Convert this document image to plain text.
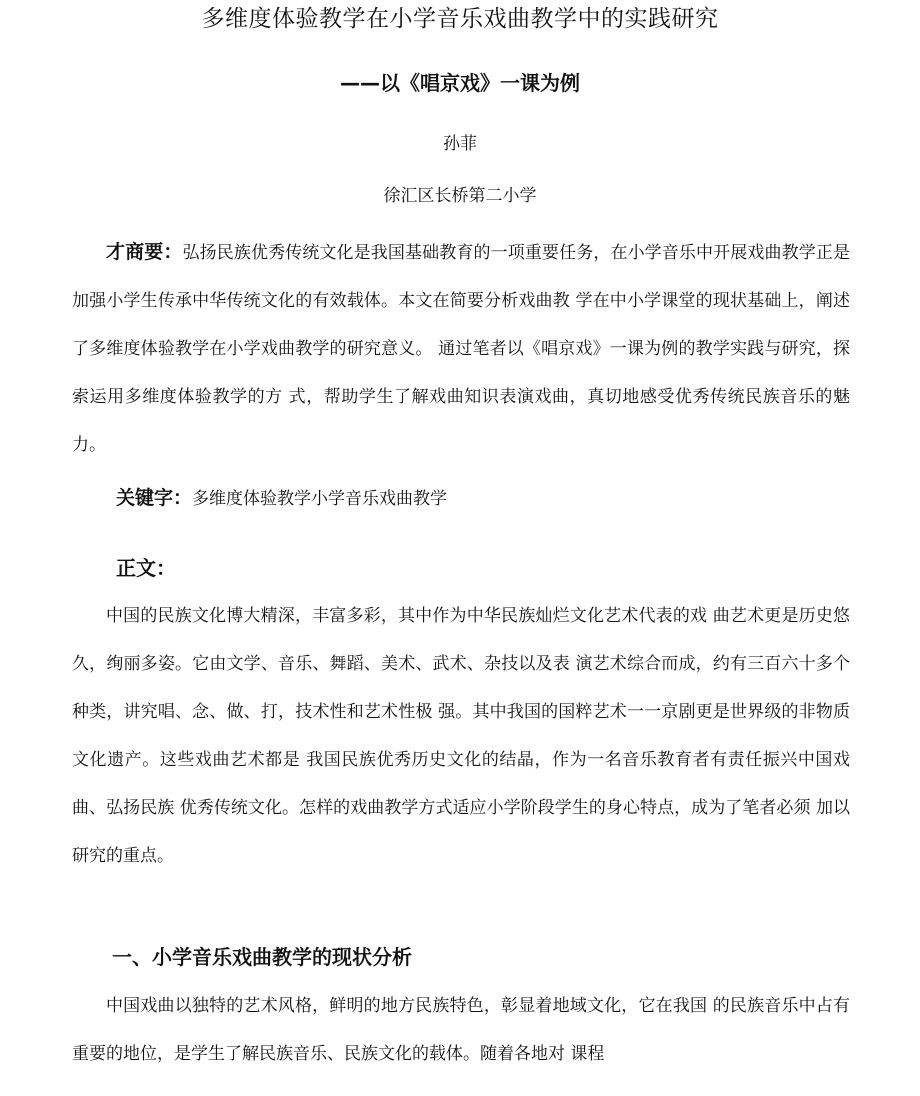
多维度体验教学在小学音乐戏曲教学中的实践研究
——以《唱京戏》一课为例
孙菲
徐汇区长桥第二小学

才商要：弘扬民族优秀传统文化是我国基础教育的一项重要任务，在小学音乐中开展戏曲教学正是加强小学生传承中华传统文化的有效载体。本文在简要分析戏曲教 学在中小学课堂的现状基础上，阐述了多维度体验教学在小学戏曲教学的研究意义。 通过笔者以《唱京戏》一课为例的教学实践与研究，探索运用多维度体验教学的方 式，帮助学生了解戏曲知识表演戏曲，真切地感受优秀传统民族音乐的魅力。

关键字：多维度体验教学小学音乐戏曲教学
正文：

中国的民族文化博大精深，丰富多彩，其中作为中华民族灿烂文化艺术代表的戏 曲艺术更是历史悠久，绚丽多姿。它由文学、音乐、舞蹈、美术、武术、杂技以及表 演艺术综合而成，约有三百六十多个种类，讲究唱、念、做、打，技术性和艺术性极 强。其中我国的国粹艺术一一京剧更是世界级的非物质文化遗产。这些戏曲艺术都是 我国民族优秀历史文化的结晶，作为一名音乐教育者有责任振兴中国戏曲、弘扬民族 优秀传统文化。怎样的戏曲教学方式适应小学阶段学生的身心特点，成为了笔者必须 加以研究的重点。

一、小学音乐戏曲教学的现状分析

中国戏曲以独特的艺术风格，鲜明的地方民族特色，彰显着地域文化，它在我国 的民族音乐中占有重要的地位，是学生了解民族音乐、民族文化的载体。随着各地对 课程
